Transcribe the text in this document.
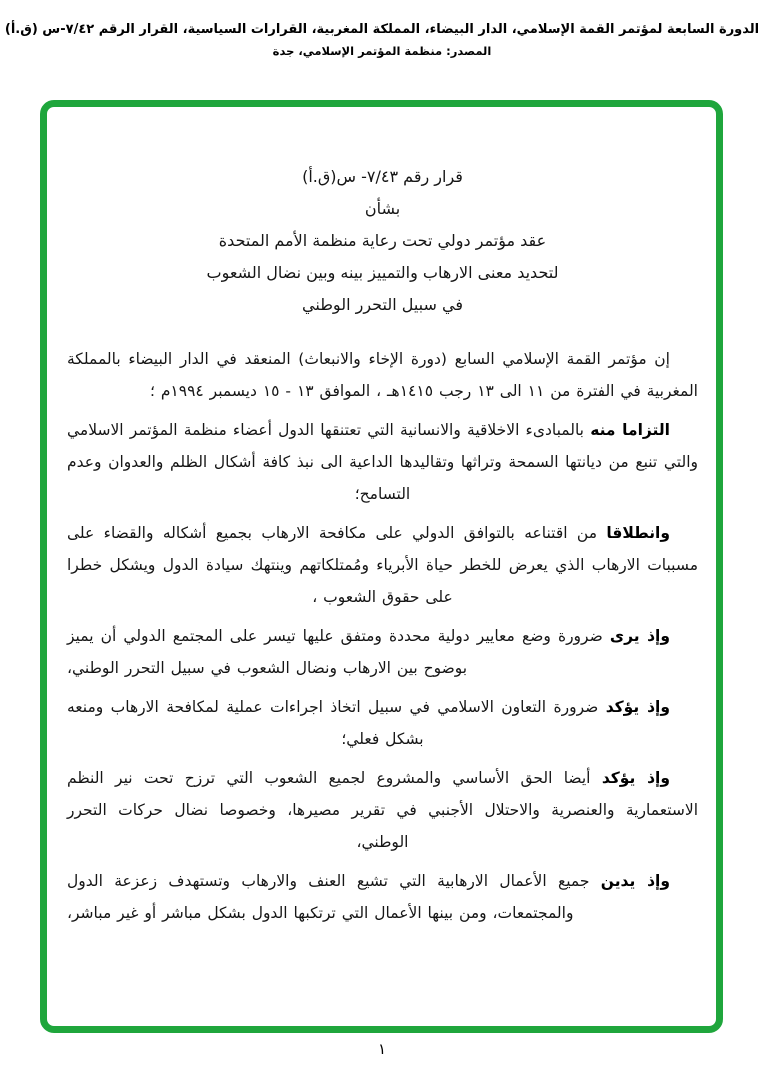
الدورة السابعة لمؤتمر القمة الإسلامي، الدار البيضاء، المملكة المغربية، القرارات السياسية، القرار الرقم ٧/٤٢-س (ق.أ)
المصدر: منظمة المؤتمر الإسلامي، جدة
قرار رقم ٧/٤٣- س(ق.أ)
بشأن
عقد مؤتمر دولي تحت رعاية منظمة الأمم المتحدة
لتحديد معنى الارهاب والتمييز بينه وبين نضال الشعوب
في سبيل التحرر الوطني

إن مؤتمر القمة الإسلامي السابع (دورة الإخاء والانبعاث) المنعقد في الدار البيضاء بالمملكة المغربية في الفترة من ١١ الى ١٣ رجب ١٤١٥هـ ، الموافق ١٣ - ١٥ ديسمبر ١٩٩٤م ؛

التزاما منه بالمبادىء الاخلاقية والانسانية التي تعتنقها الدول أعضاء منظمة المؤتمر الاسلامي والتي تنبع من ديانتها السمحة وتراثها وتقاليدها الداعية الى نبذ كافة أشكال الظلم والعدوان وعدم التسامح؛

وانطلاقا من اقتناعه بالتوافق الدولي على مكافحة الارهاب بجميع أشكاله والقضاء على مسببات الارهاب الذي يعرض للخطر حياة الأبرياء ومُمتلكاتهم وينتهك سيادة الدول ويشكل خطرا على حقوق الشعوب ،

وإذ يرى ضرورة وضع معايير دولية محددة ومتفق عليها تيسر على المجتمع الدولي أن يميز بوضوح بين الارهاب ونضال الشعوب في سبيل التحرر الوطني،

وإذ يؤكد ضرورة التعاون الاسلامي في سبيل اتخاذ اجراءات عملية لمكافحة الارهاب ومنعه بشكل فعلي؛

وإذ يؤكد أيضا الحق الأساسي والمشروع لجميع الشعوب التي ترزح تحت نير النظم الاستعمارية والعنصرية والاحتلال الأجنبي في تقرير مصيرها، وخصوصا نضال حركات التحرر الوطني،

وإذ يدين جميع الأعمال الارهابية التي تشيع العنف والارهاب وتستهدف زعزعة الدول والمجتمعات، ومن بينها الأعمال التي ترتكبها الدول بشكل مباشر أو غير مباشر،

١
